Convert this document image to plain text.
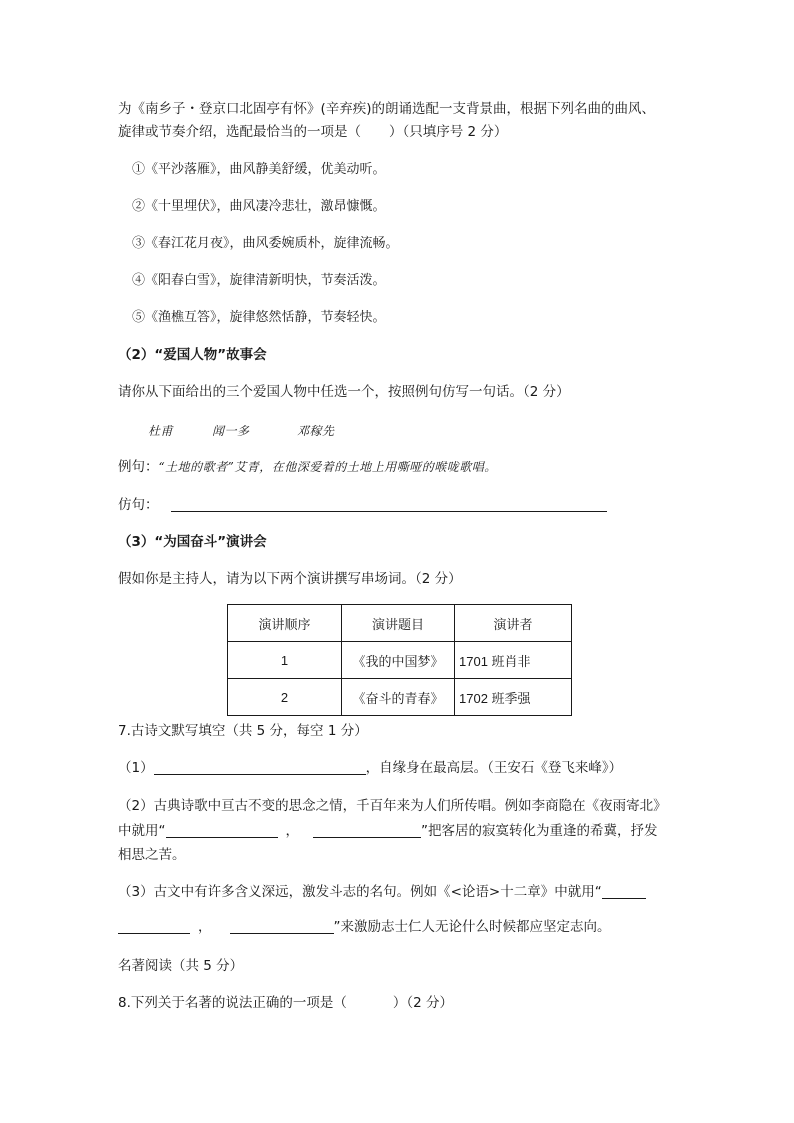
为《南乡子・登京口北固亭有怀》(辛弃疾)的朗诵选配一支背景曲，根据下列名曲的曲风、
旋律或节奏介绍，选配最恰当的一项是（ ）（只填序号 2 分）
①《平沙落雁》，曲风静美舒缓，优美动听。
②《十里埋伏》，曲风凄冷悲壮，激昂慷慨。
③《春江花月夜》，曲风委婉质朴，旋律流畅。
④《阳春白雪》，旋律清新明快，节奏活泼。
⑤《渔樵互答》，旋律悠然恬静，节奏轻快。
（2）“爱国人物”故事会
请你从下面给出的三个爱国人物中任选一个，按照例句仿写一句话。（2 分）
杜甫	闻一多	邓稼先
例句：“土地的歌者”艾青，在他深爱着的土地上用嘶哑的喉咙歌唱。
仿句：
（3）“为国奋斗”演讲会
假如你是主持人，请为以下两个演讲撰写串场词。（2 分）
演讲顺序	演讲题目	演讲者
1	《我的中国梦》	1701 班肖非
2	《奋斗的青春》	1702 班季强
7.古诗文默写填空（共 5 分，每空 1 分）
（1）	，自缘身在最高层。（王安石《登飞来峰》）
（2）古典诗歌中亘古不变的思念之情，千百年来为人们所传唱。例如李商隐在《夜雨寄北》
中就用“	，	”把客居的寂寞转化为重逢的希冀，抒发
相思之苦。
（3）古文中有许多含义深远，激发斗志的名句。例如《<论语>十二章》中就用“
，	”来激励志士仁人无论什么时候都应坚定志向。
名著阅读（共 5 分）
8.下列关于名著的说法正确的一项是（	）（2 分）
